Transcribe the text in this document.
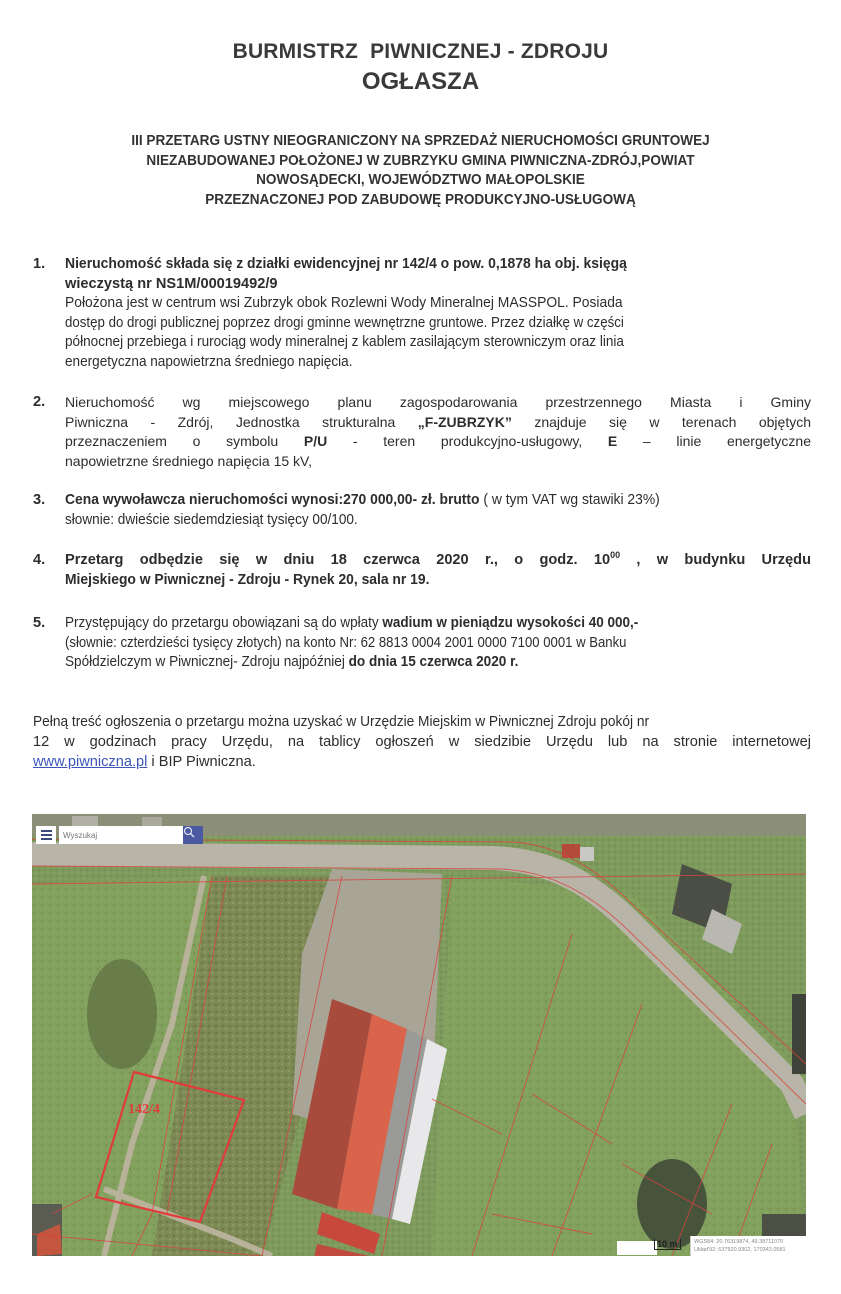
BURMISTRZ  PIWNICZNEJ - ZDROJU
OGŁASZA
III PRZETARG USTNY NIEOGRANICZONY NA SPRZEDAŻ NIERUCHOMOŚCI GRUNTOWEJ
NIEZABUDOWANEJ POŁOŻONEJ W ZUBRZYKU GMINA PIWNICZNA-ZDRÓJ,POWIAT
NOWOSĄDECKI, WOJEWÓDZTWO MAŁOPOLSKIE
PRZEZNACZONEJ POD ZABUDOWĘ PRODUKCYJNO-USŁUGOWĄ
1. Nieruchomość składa się z działki ewidencyjnej nr 142/4 o pow. 0,1878 ha obj. księgą
wieczystą nr NS1M/00019492/9
Położona jest w centrum wsi Zubrzyk obok Rozlewni Wody Mineralnej MASSPOL. Posiada
dostęp do drogi publicznej poprzez drogi gminne wewnętrzne gruntowe. Przez działkę w części
północnej przebiega i rurociąg wody mineralnej z kablem zasilającym sterowniczym oraz linia
energetyczna napowietrzna średniego napięcia.
2. Nieruchomość wg miejscowego planu zagospodarowania przestrzennego Miasta i Gminy
Piwniczna - Zdrój, Jednostka strukturalna „F-ZUBRZYK” znajduje się w terenach objętych
przeznaczeniem o symbolu P/U - teren produkcyjno-usługowy, E – linie energetyczne
napowietrzne średniego napięcia 15 kV,
3. Cena wywoławcza nieruchomości wynosi:270 000,00- zł. brutto ( w tym VAT wg stawiki 23%)
słownie: dwieście siedemdziesiąt tysięcy 00/100.
4. Przetarg odbędzie się w dniu 18 czerwca 2020 r., o godz. $10^{00}$ , w budynku Urzędu
Miejskiego w Piwnicznej - Zdroju - Rynek 20, sala nr 19.
5. Przystępujący do przetargu obowiązani są do wpłaty wadium w pieniądzu wysokości 40 000,-
(słownie: czterdzieści tysięcy złotych) na konto Nr: 62 8813 0004 2001 0000 7100 0001 w Banku
Spółdzielczym w Piwnicznej- Zdroju najpóźniej do dnia 15 czerwca 2020 r.
Pełną treść ogłoszenia o przetargu można uzyskać w Urzędzie Miejskim w Piwnicznej Zdroju pokój nr
12 w godzinach pracy Urzędu, na tablicy ogłoszeń w siedzibie Urzędu lub na stronie internetowej
www.piwniczna.pl i BIP Piwniczna.
Wyszukaj
142/4
10 m	WGS84: 20.76319874, 49.38711070
Układ'92: 637920.9302, 170343.0581
